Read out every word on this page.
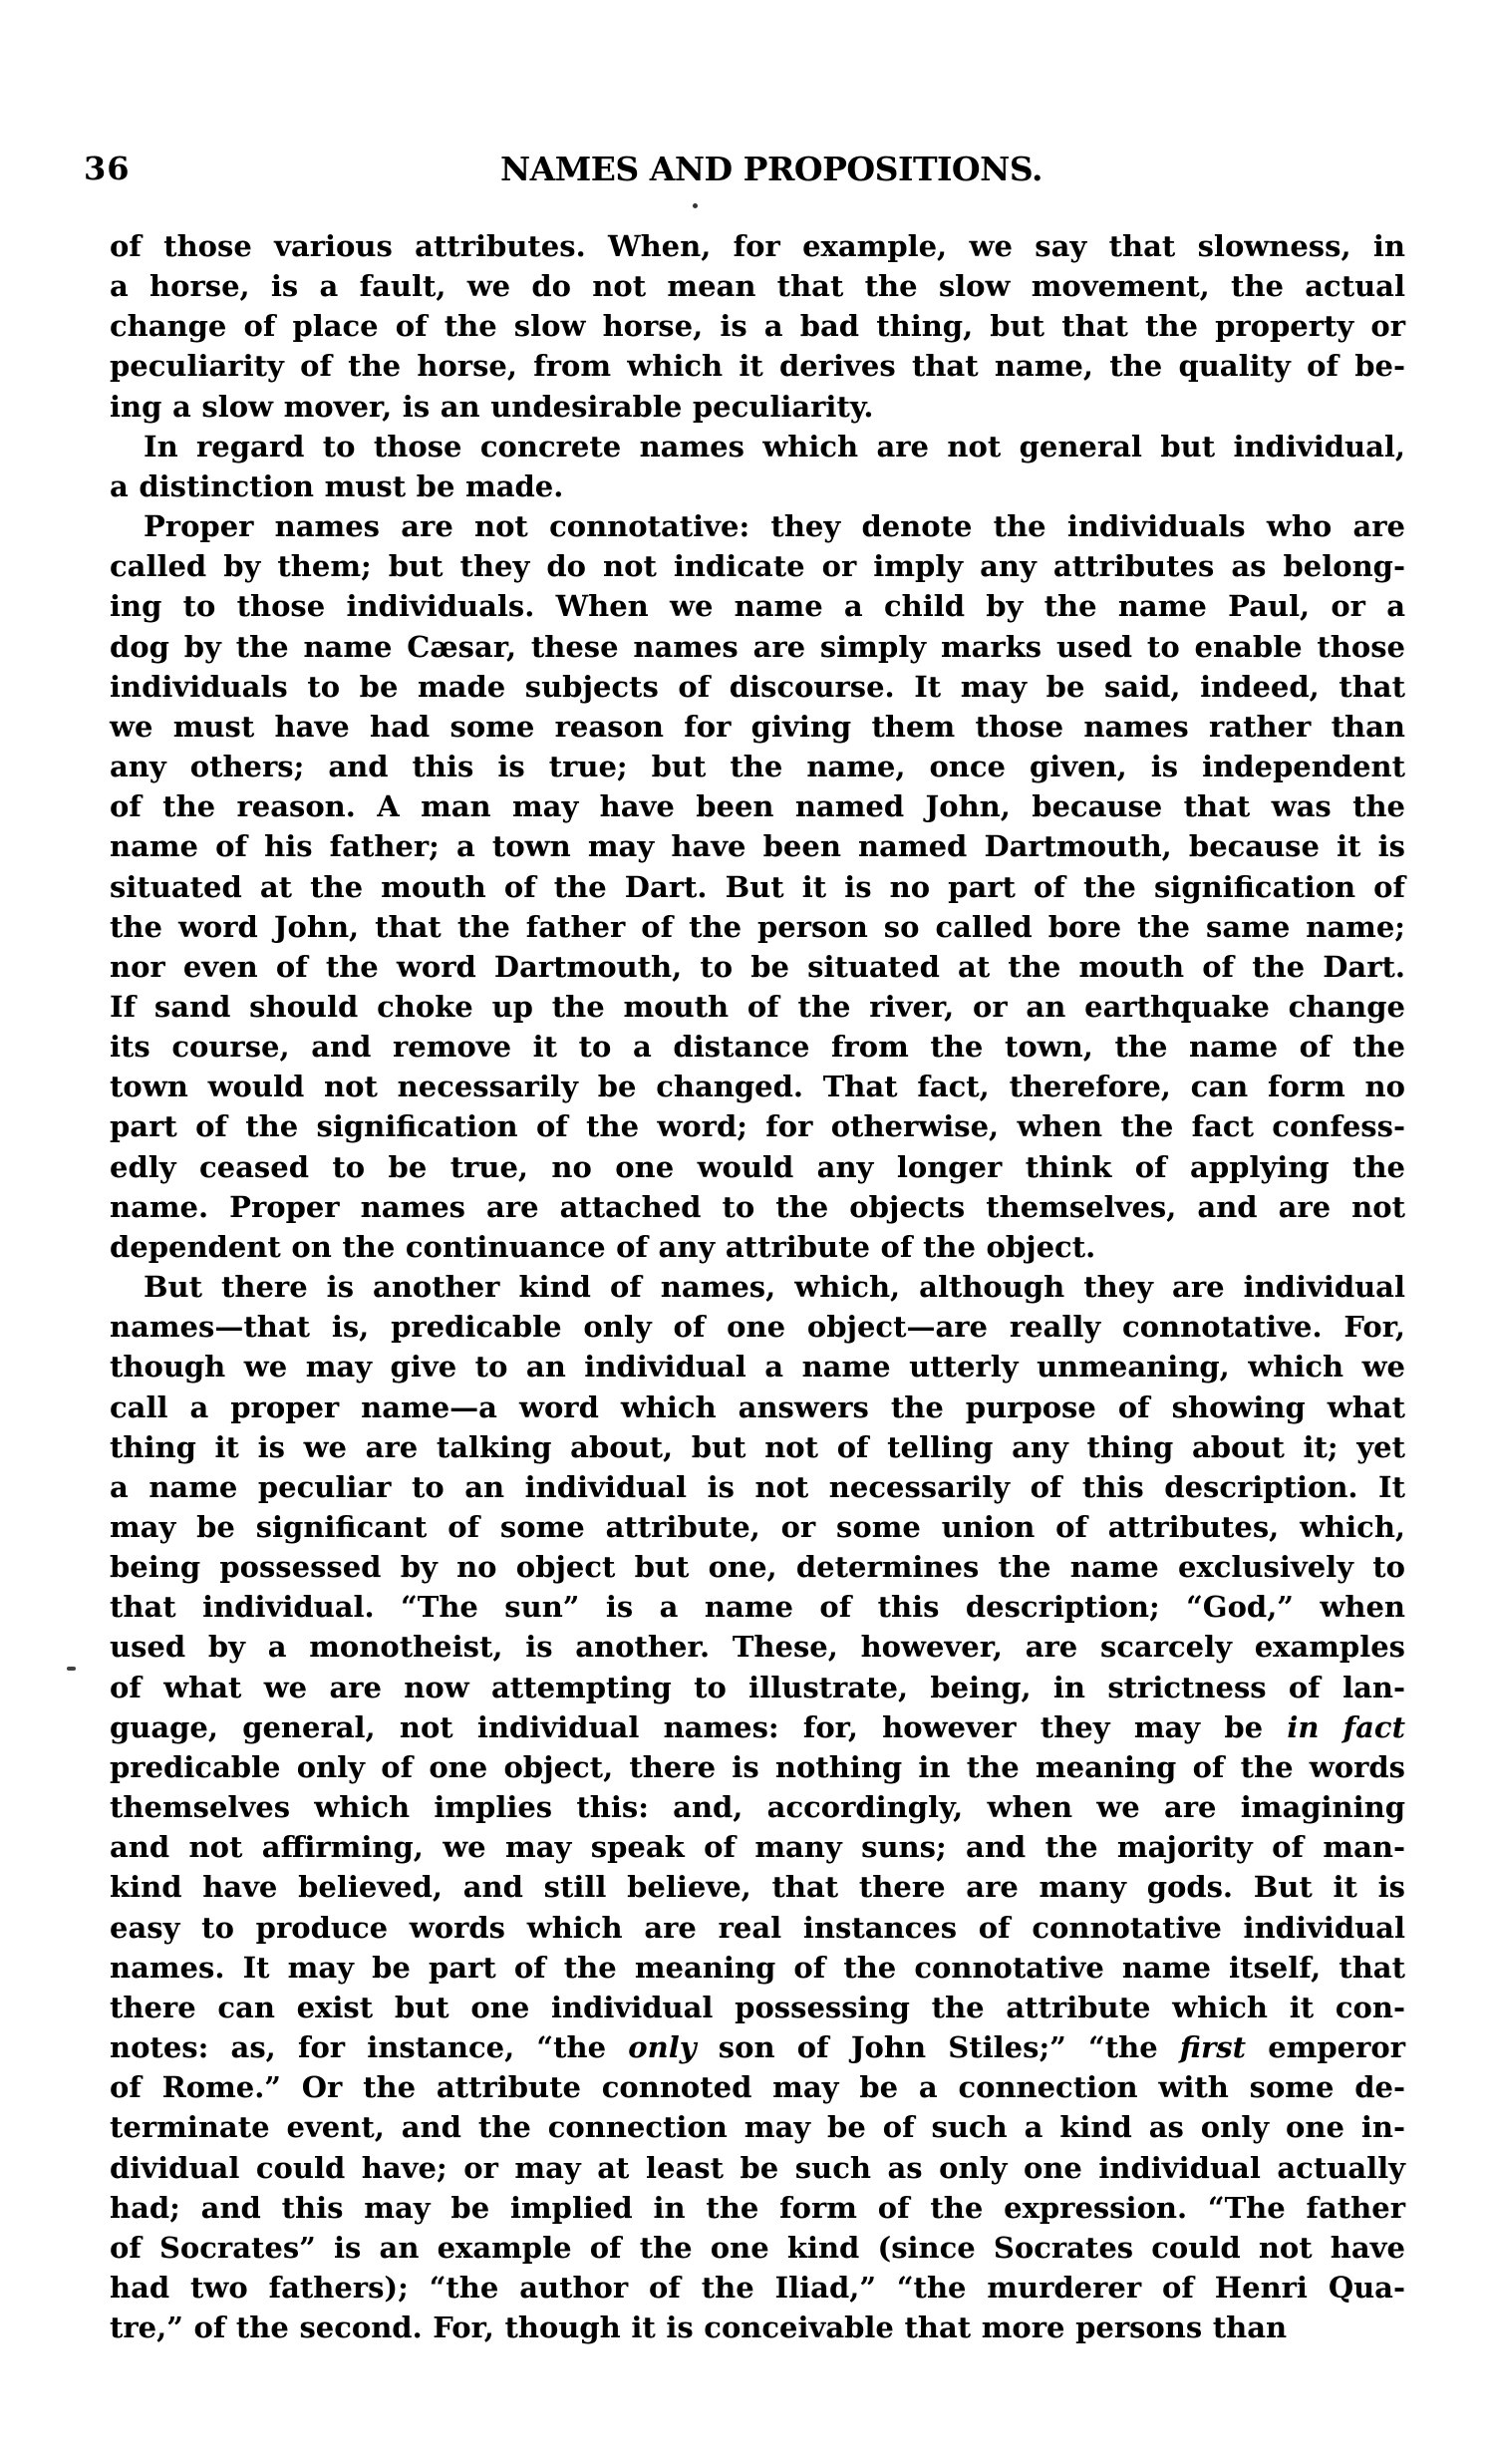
36	NAMES AND PROPOSITIONS.
of those various attributes. When, for example, we say that slowness, in
a horse, is a fault, we do not mean that the slow movement, the actual
change of place of the slow horse, is a bad thing, but that the property or
peculiarity of the horse, from which it derives that name, the quality of be-
ing a slow mover, is an undesirable peculiarity.
In regard to those concrete names which are not general but individual,
a distinction must be made.
Proper names are not connotative: they denote the individuals who are
called by them; but they do not indicate or imply any attributes as belong-
ing to those individuals. When we name a child by the name Paul, or a
dog by the name Cæsar, these names are simply marks used to enable those
individuals to be made subjects of discourse. It may be said, indeed, that
we must have had some reason for giving them those names rather than
any others; and this is true; but the name, once given, is independent
of the reason. A man may have been named John, because that was the
name of his father; a town may have been named Dartmouth, because it is
situated at the mouth of the Dart. But it is no part of the signification of
the word John, that the father of the person so called bore the same name;
nor even of the word Dartmouth, to be situated at the mouth of the Dart.
If sand should choke up the mouth of the river, or an earthquake change
its course, and remove it to a distance from the town, the name of the
town would not necessarily be changed. That fact, therefore, can form no
part of the signification of the word; for otherwise, when the fact confess-
edly ceased to be true, no one would any longer think of applying the
name. Proper names are attached to the objects themselves, and are not
dependent on the continuance of any attribute of the object.
But there is another kind of names, which, although they are individual
names—that is, predicable only of one object—are really connotative. For,
though we may give to an individual a name utterly unmeaning, which we
call a proper name—a word which answers the purpose of showing what
thing it is we are talking about, but not of telling any thing about it; yet
a name peculiar to an individual is not necessarily of this description. It
may be significant of some attribute, or some union of attributes, which,
being possessed by no object but one, determines the name exclusively to
that individual. “The sun” is a name of this description; “God,” when
used by a monotheist, is another. These, however, are scarcely examples
of what we are now attempting to illustrate, being, in strictness of lan-
guage, general, not individual names: for, however they may be in fact
predicable only of one object, there is nothing in the meaning of the words
themselves which implies this: and, accordingly, when we are imagining
and not affirming, we may speak of many suns; and the majority of man-
kind have believed, and still believe, that there are many gods. But it is
easy to produce words which are real instances of connotative individual
names. It may be part of the meaning of the connotative name itself, that
there can exist but one individual possessing the attribute which it con-
notes: as, for instance, “the only son of John Stiles;” “the first emperor
of Rome.” Or the attribute connoted may be a connection with some de-
terminate event, and the connection may be of such a kind as only one in-
dividual could have; or may at least be such as only one individual actually
had; and this may be implied in the form of the expression. “The father
of Socrates” is an example of the one kind (since Socrates could not have
had two fathers); “the author of the Iliad,” “the murderer of Henri Qua-
tre,” of the second. For, though it is conceivable that more persons than
